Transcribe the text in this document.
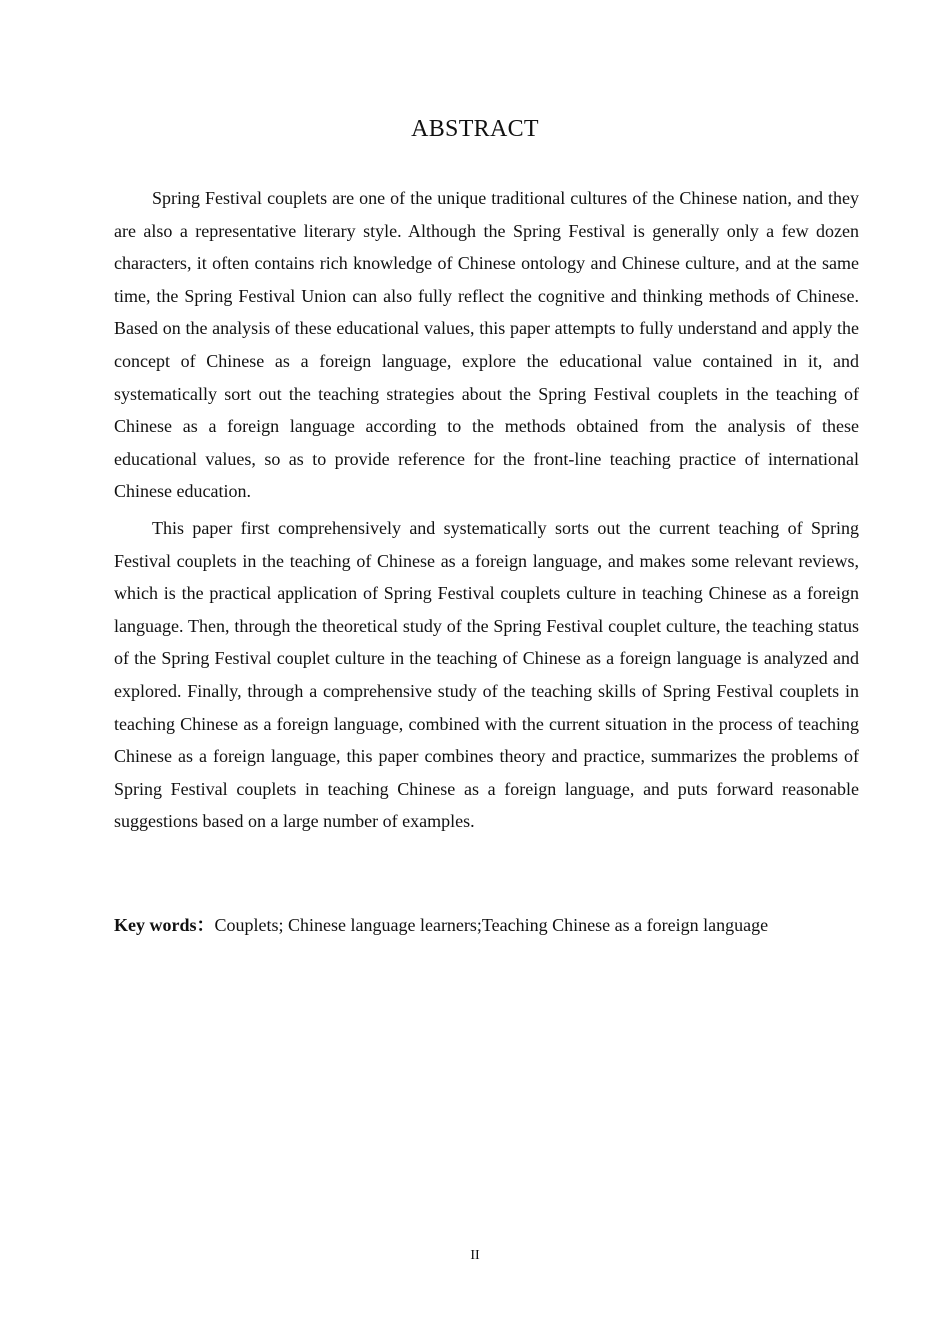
ABSTRACT

Spring Festival couplets are one of the unique traditional cultures of the Chinese nation, and they are also a representative literary style. Although the Spring Festival is generally only a few dozen characters, it often contains rich knowledge of Chinese ontology and Chinese culture, and at the same time, the Spring Festival Union can also fully reflect the cognitive and thinking methods of Chinese. Based on the analysis of these educational values, this paper attempts to fully understand and apply the concept of Chinese as a foreign language, explore the educational value contained in it, and systematically sort out the teaching strategies about the Spring Festival couplets in the teaching of Chinese as a foreign language according to the methods obtained from the analysis of these educational values, so as to provide reference for the front-line teaching practice of international Chinese education.

This paper first comprehensively and systematically sorts out the current teaching of Spring Festival couplets in the teaching of Chinese as a foreign language, and makes some relevant reviews, which is the practical application of Spring Festival couplets culture in teaching Chinese as a foreign language. Then, through the theoretical study of the Spring Festival couplet culture, the teaching status of the Spring Festival couplet culture in the teaching of Chinese as a foreign language is analyzed and explored. Finally, through a comprehensive study of the teaching skills of Spring Festival couplets in teaching Chinese as a foreign language, combined with the current situation in the process of teaching Chinese as a foreign language, this paper combines theory and practice, summarizes the problems of Spring Festival couplets in teaching Chinese as a foreign language, and puts forward reasonable suggestions based on a large number of examples.

Key words：Couplets; Chinese language learners;Teaching Chinese as a foreign language
II
